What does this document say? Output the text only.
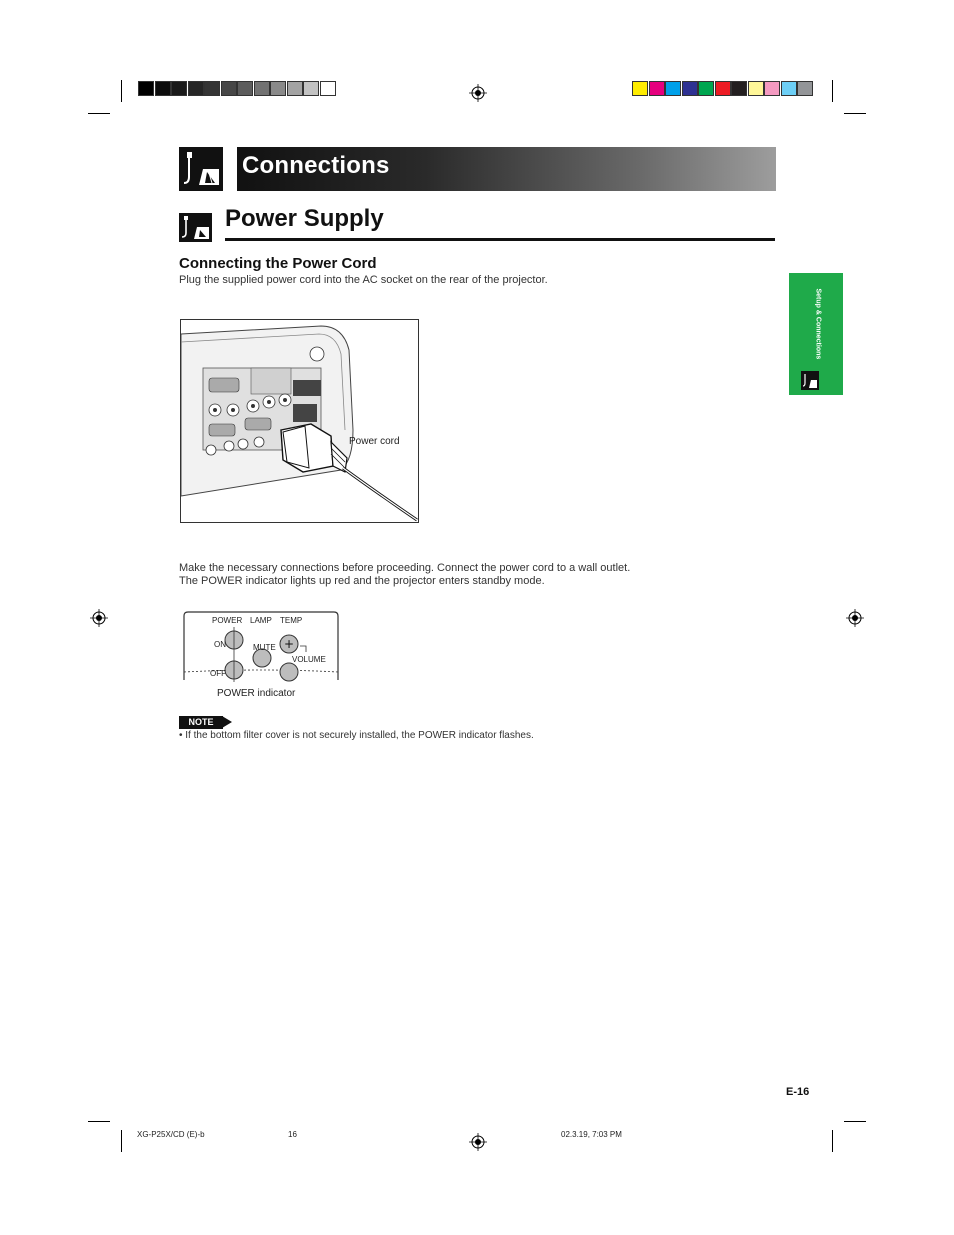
Connections
Power Supply
Connecting the Power Cord
Plug the supplied power cord into the AC socket on the rear of the projector.
Setup & Connections
Power cord
Make the necessary connections before proceeding. Connect the power cord to a wall outlet.
The POWER indicator lights up red and the projector enters standby mode.
+
POWER LAMP TEMP
ON
OFF
MUTE
VOLUME
POWER indicator
NOTE
• If the bottom filter cover is not securely installed, the POWER indicator flashes.
E-16
XG-P25X/CD (E)-b	16	02.3.19, 7:03 PM
